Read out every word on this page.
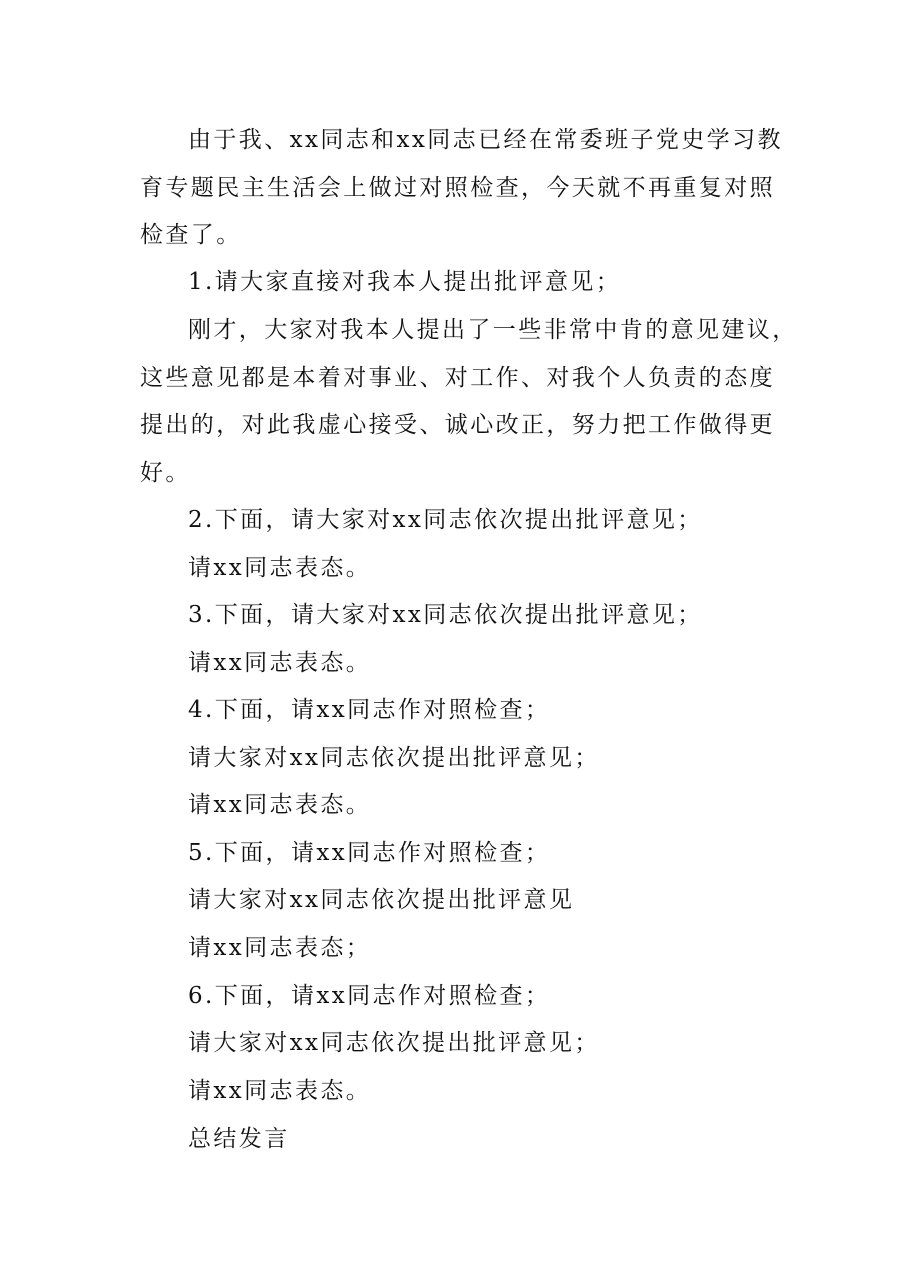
由于我、xx同志和xx同志已经在常委班子党史学习教
育专题民主生活会上做过对照检查，今天就不再重复对照
检查了。

1.请大家直接对我本人提出批评意见；

刚才，大家对我本人提出了一些非常中肯的意见建议，
这些意见都是本着对事业、对工作、对我个人负责的态度
提出的，对此我虚心接受、诚心改正，努力把工作做得更
好。

2.下面，请大家对xx同志依次提出批评意见；

请xx同志表态。

3.下面，请大家对xx同志依次提出批评意见；

请xx同志表态。

4.下面，请xx同志作对照检查；

请大家对xx同志依次提出批评意见；

请xx同志表态。

5.下面，请xx同志作对照检查；

请大家对xx同志依次提出批评意见

请xx同志表态；

6.下面，请xx同志作对照检查；

请大家对xx同志依次提出批评意见；

请xx同志表态。

总结发言
